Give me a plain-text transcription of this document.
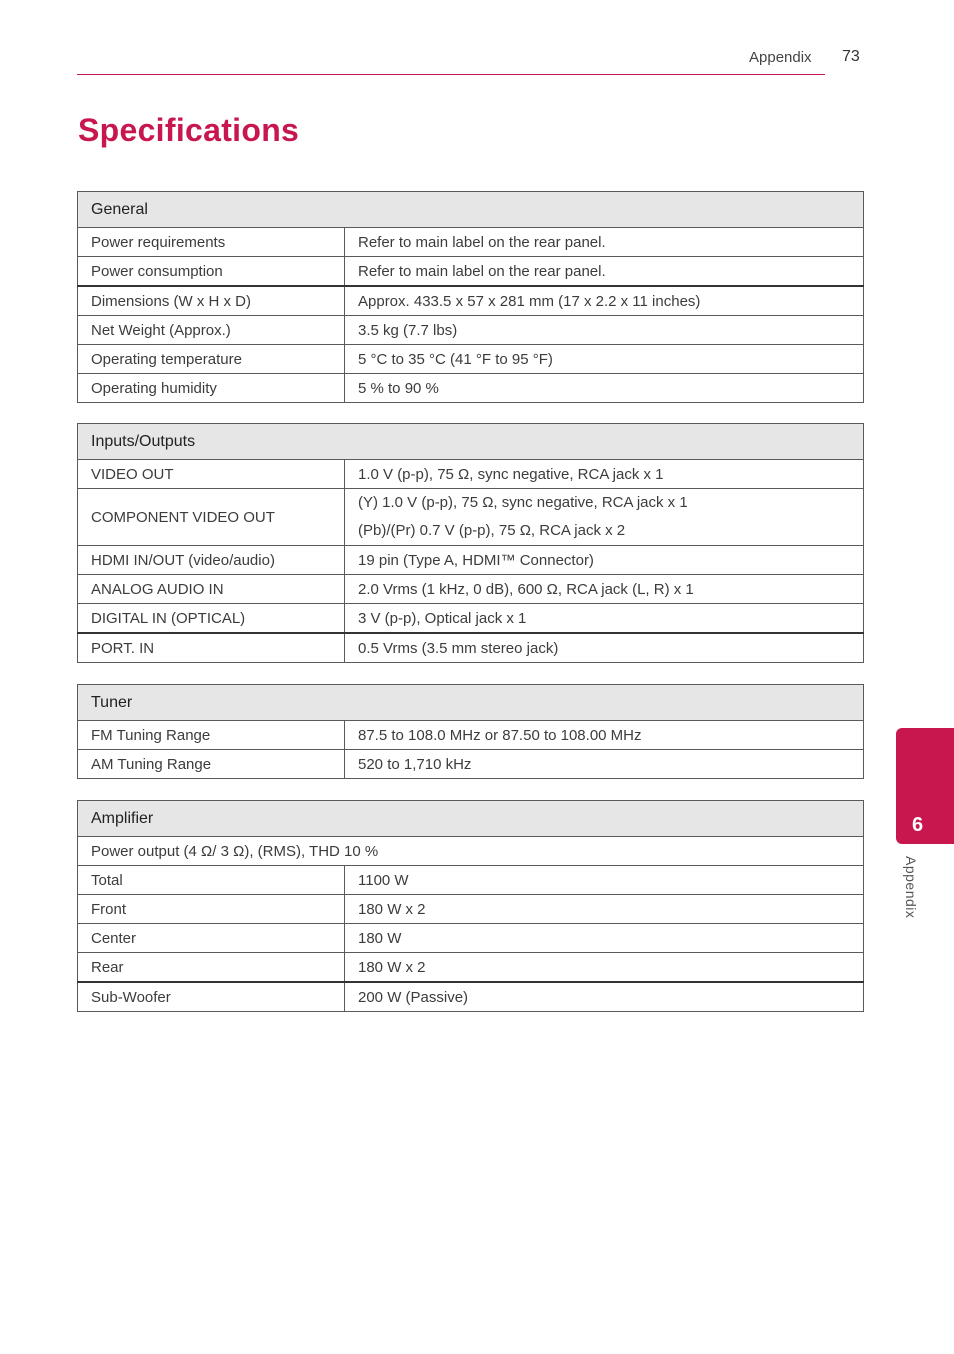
Appendix 73
Specifications
General	
Power requirements	Refer to main label on the rear panel.
Power consumption	Refer to main label on the rear panel.
Dimensions (W x H x D)	Approx. 433.5 x 57 x 281 mm (17 x 2.2 x 11 inches)
Net Weight (Approx.)	3.5 kg (7.7 lbs)
Operating temperature	5 °C to 35 °C (41 °F to 95 °F)
Operating humidity	5 % to 90 %
Inputs/Outputs	
VIDEO OUT	1.0 V (p-p), 75 Ω, sync negative, RCA jack x 1
COMPONENT VIDEO OUT	(Y) 1.0 V (p-p), 75 Ω, sync negative, RCA jack x 1
(Pb)/(Pr) 0.7 V (p-p), 75 Ω, RCA jack x 2

HDMI IN/OUT (video/audio)	19 pin (Type A, HDMI™ Connector)
ANALOG AUDIO IN	2.0 Vrms (1 kHz, 0 dB), 600 Ω, RCA jack (L, R) x 1
DIGITAL IN (OPTICAL)	3 V (p-p), Optical jack x 1
PORT. IN	0.5 Vrms (3.5 mm stereo jack)
Tuner	
FM Tuning Range	87.5 to 108.0 MHz or 87.50 to 108.00 MHz
AM Tuning Range	520 to 1,710 kHz
Amplifier	
Power output (4 Ω/ 3 Ω), (RMS), THD 10 %	
Total	1100 W
Front	180 W x 2
Center	180 W
Rear	180 W x 2
Sub-Woofer	200 W (Passive)
6
Appendix
